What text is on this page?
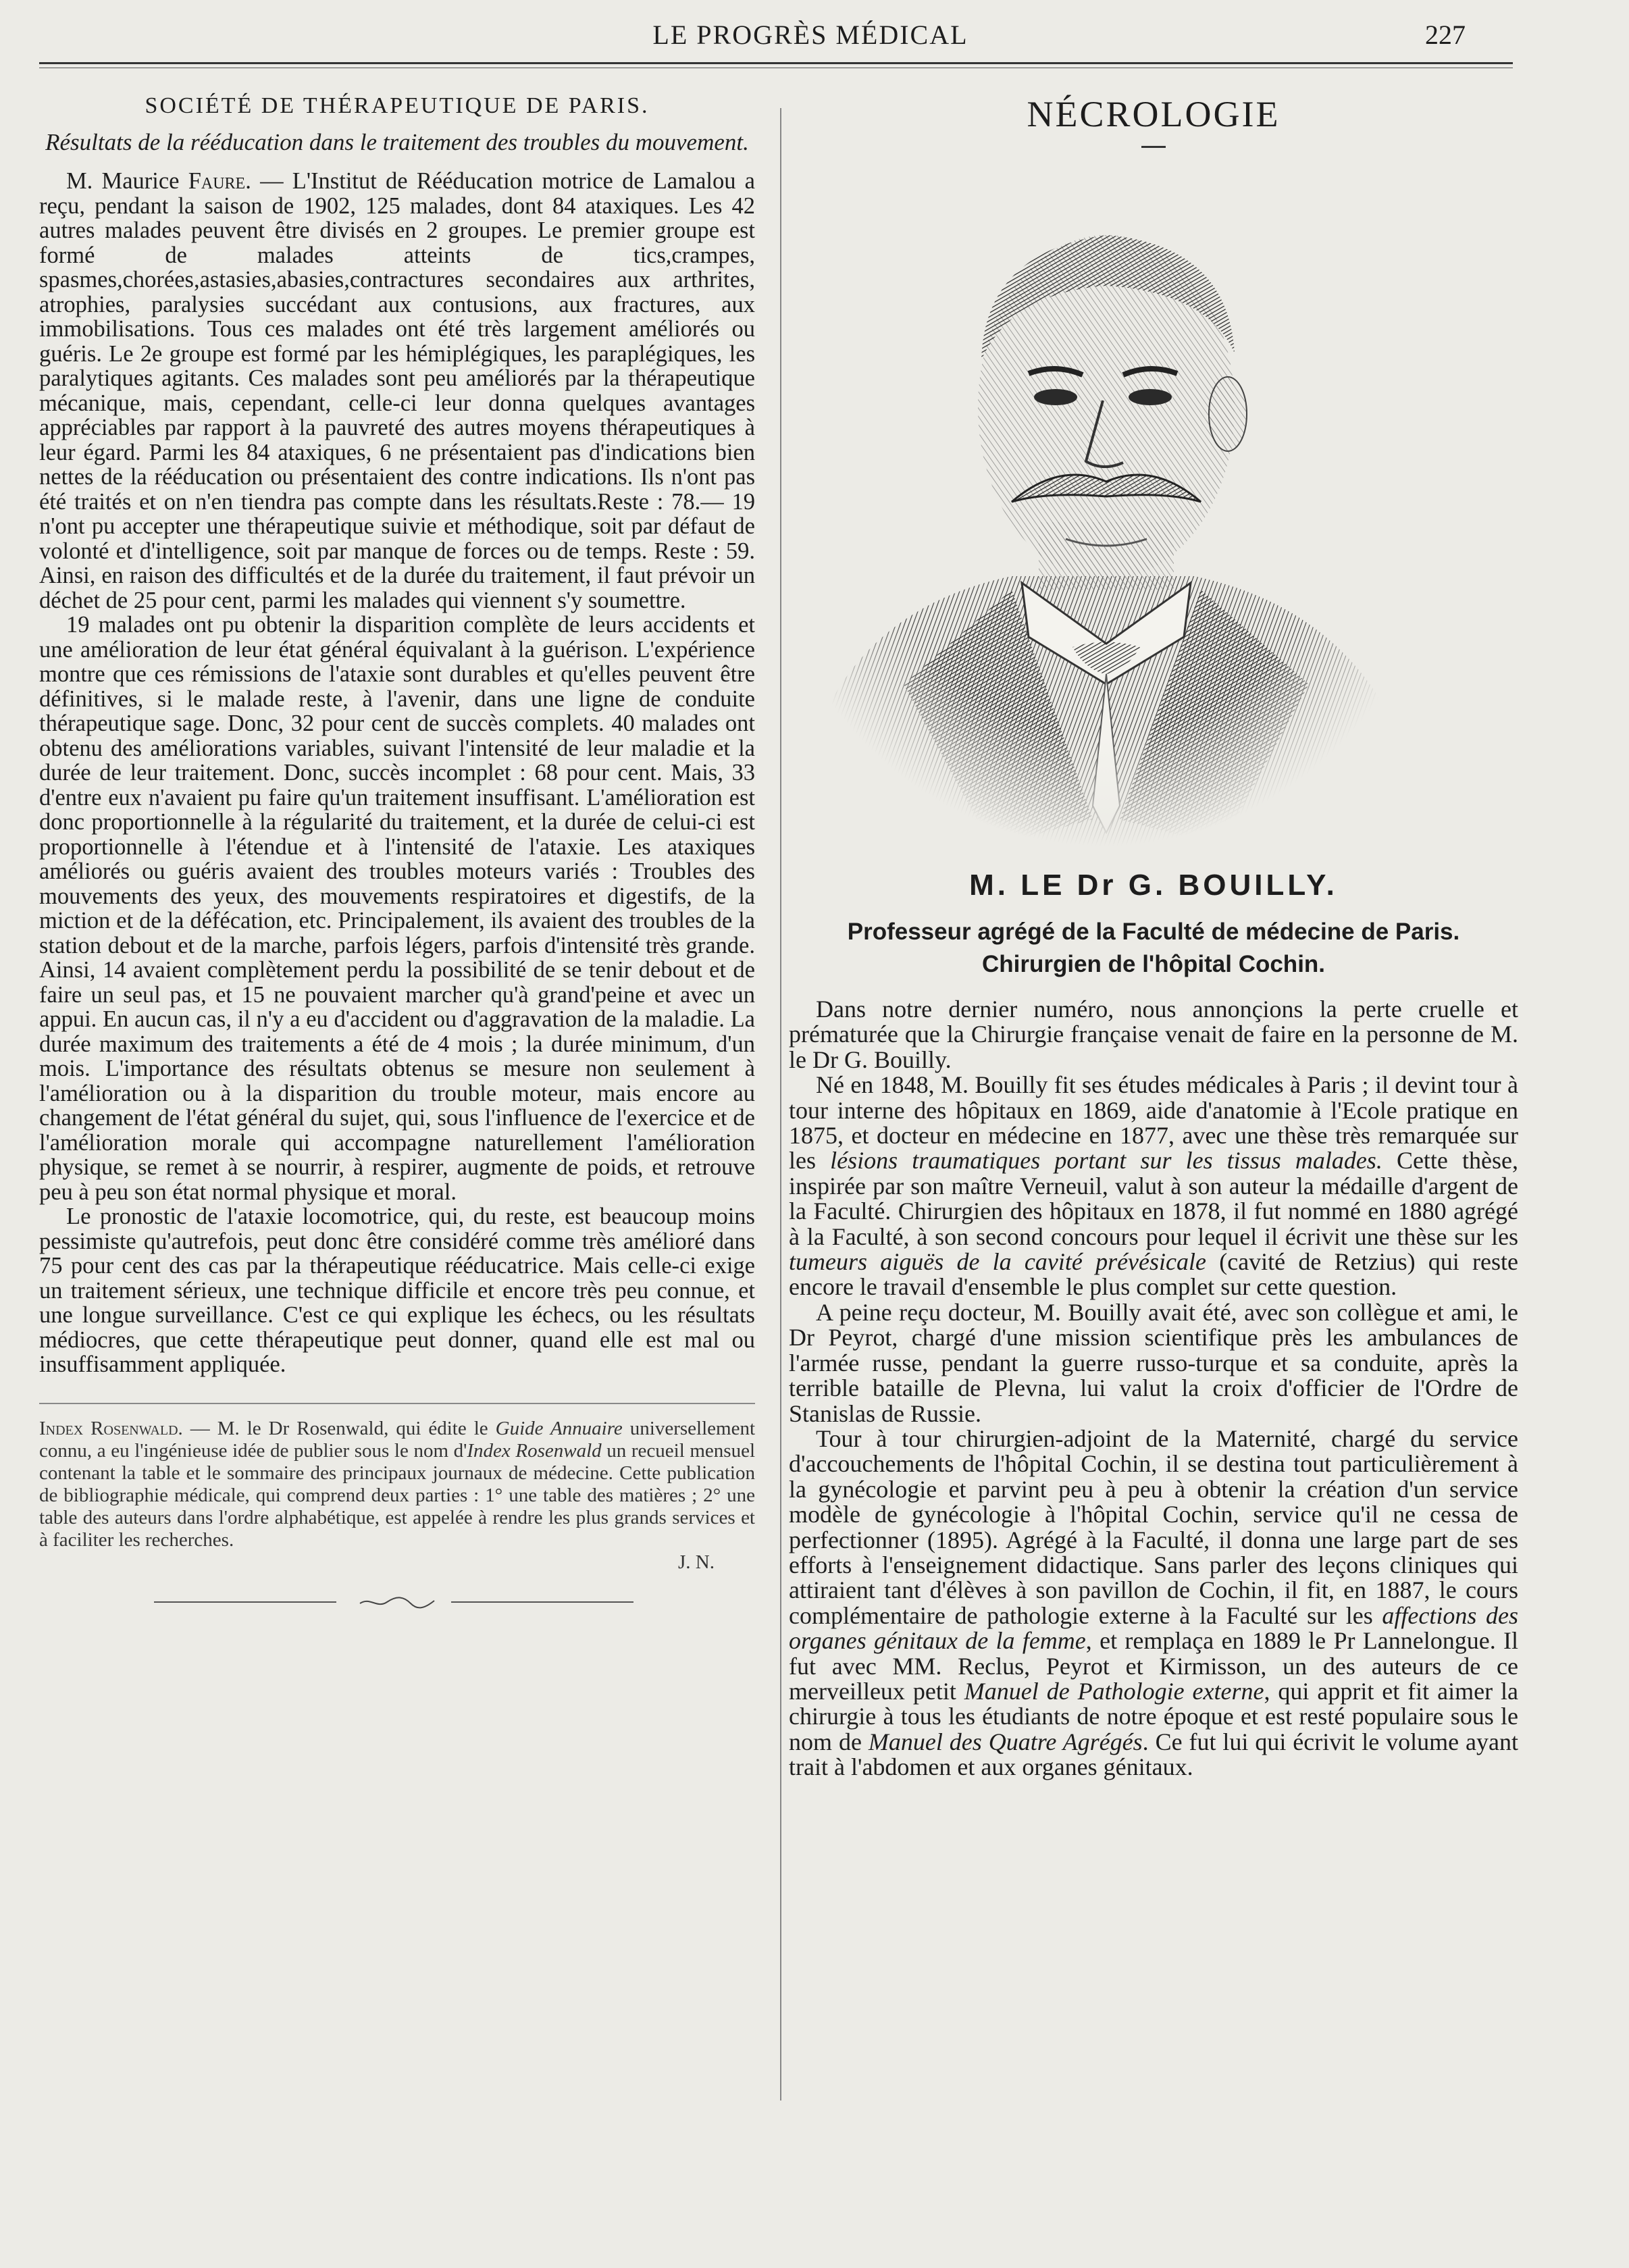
LE PROGRÈS MÉDICAL	227
SOCIÉTÉ DE THÉRAPEUTIQUE DE PARIS.
Résultats de la rééducation dans le traitement des troubles du mouvement.

M. Maurice Faure. — L'Institut de Rééducation motrice de Lamalou a reçu, pendant la saison de 1902, 125 malades, dont 84 ataxiques. Les 42 autres malades peuvent être divisés en 2 groupes. Le premier groupe est formé de malades atteints de tics,crampes, spasmes,chorées,astasies,abasies,contractures secondaires aux arthrites, atrophies, paralysies succédant aux contusions, aux fractures, aux immobilisations. Tous ces malades ont été très largement améliorés ou guéris. Le 2e groupe est formé par les hémiplégiques, les paraplégiques, les paralytiques agitants. Ces malades sont peu améliorés par la thérapeutique mécanique, mais, cependant, celle-ci leur donna quelques avantages appréciables par rapport à la pauvreté des autres moyens thérapeutiques à leur égard. Parmi les 84 ataxiques, 6 ne présentaient pas d'indications bien nettes de la rééducation ou présentaient des contre indications. Ils n'ont pas été traités et on n'en tiendra pas compte dans les résultats.Reste : 78.— 19 n'ont pu accepter une thérapeutique suivie et méthodique, soit par défaut de volonté et d'intelligence, soit par manque de forces ou de temps. Reste : 59. Ainsi, en raison des difficultés et de la durée du traitement, il faut prévoir un déchet de 25 pour cent, parmi les malades qui viennent s'y soumettre.

19 malades ont pu obtenir la disparition complète de leurs accidents et une amélioration de leur état général équivalant à la guérison. L'expérience montre que ces rémissions de l'ataxie sont durables et qu'elles peuvent être définitives, si le malade reste, à l'avenir, dans une ligne de conduite thérapeutique sage. Donc, 32 pour cent de succès complets. 40 malades ont obtenu des améliorations variables, suivant l'intensité de leur maladie et la durée de leur traitement. Donc, succès incomplet : 68 pour cent. Mais, 33 d'entre eux n'avaient pu faire qu'un traitement insuffisant. L'amélioration est donc proportionnelle à la régularité du traitement, et la durée de celui-ci est proportionnelle à l'étendue et à l'intensité de l'ataxie. Les ataxiques améliorés ou guéris avaient des troubles moteurs variés : Troubles des mouvements des yeux, des mouvements respiratoires et digestifs, de la miction et de la défécation, etc. Principalement, ils avaient des troubles de la station debout et de la marche, parfois légers, parfois d'intensité très grande. Ainsi, 14 avaient complètement perdu la possibilité de se tenir debout et de faire un seul pas, et 15 ne pouvaient marcher qu'à grand'peine et avec un appui. En aucun cas, il n'y a eu d'accident ou d'aggravation de la maladie. La durée maximum des traitements a été de 4 mois ; la durée minimum, d'un mois. L'importance des résultats obtenus se mesure non seulement à l'amélioration ou à la disparition du trouble moteur, mais encore au changement de l'état général du sujet, qui, sous l'influence de l'exercice et de l'amélioration morale qui accompagne naturellement l'amélioration physique, se remet à se nourrir, à respirer, augmente de poids, et retrouve peu à peu son état normal physique et moral.

Le pronostic de l'ataxie locomotrice, qui, du reste, est beaucoup moins pessimiste qu'autrefois, peut donc être considéré comme très amélioré dans 75 pour cent des cas par la thérapeutique rééducatrice. Mais celle-ci exige un traitement sérieux, une technique difficile et encore très peu connue, et une longue surveillance. C'est ce qui explique les échecs, ou les résultats médiocres, que cette thérapeutique peut donner, quand elle est mal ou insuffisamment appliquée.

Index Rosenwald. — M. le Dr Rosenwald, qui édite le Guide Annuaire universellement connu, a eu l'ingénieuse idée de publier sous le nom d'Index Rosenwald un recueil mensuel contenant la table et le sommaire des principaux journaux de médecine. Cette publication de bibliographie médicale, qui comprend deux parties : 1° une table des matières ; 2° une table des auteurs dans l'ordre alphabétique, est appelée à rendre les plus grands services et à faciliter les recherches.
J. N.
NÉCROLOGIE
M. LE Dr G. BOUILLY.
Professeur agrégé de la Faculté de médecine de Paris.
Chirurgien de l'hôpital Cochin.

Dans notre dernier numéro, nous annonçions la perte cruelle et prématurée que la Chirurgie française venait de faire en la personne de M. le Dr G. Bouilly.

Né en 1848, M. Bouilly fit ses études médicales à Paris ; il devint tour à tour interne des hôpitaux en 1869, aide d'anatomie à l'Ecole pratique en 1875, et docteur en médecine en 1877, avec une thèse très remarquée sur les lésions traumatiques portant sur les tissus malades. Cette thèse, inspirée par son maître Verneuil, valut à son auteur la médaille d'argent de la Faculté. Chirurgien des hôpitaux en 1878, il fut nommé en 1880 agrégé à la Faculté, à son second concours pour lequel il écrivit une thèse sur les tumeurs aiguës de la cavité prévésicale (cavité de Retzius) qui reste encore le travail d'ensemble le plus complet sur cette question.

A peine reçu docteur, M. Bouilly avait été, avec son collègue et ami, le Dr Peyrot, chargé d'une mission scientifique près les ambulances de l'armée russe, pendant la guerre russo-turque et sa conduite, après la terrible bataille de Plevna, lui valut la croix d'officier de l'Ordre de Stanislas de Russie.

Tour à tour chirurgien-adjoint de la Maternité, chargé du service d'accouchements de l'hôpital Cochin, il se destina tout particulièrement à la gynécologie et parvint peu à peu à obtenir la création d'un service modèle de gynécologie à l'hôpital Cochin, service qu'il ne cessa de perfectionner (1895). Agrégé à la Faculté, il donna une large part de ses efforts à l'enseignement didactique. Sans parler des leçons cliniques qui attiraient tant d'élèves à son pavillon de Cochin, il fit, en 1887, le cours complémentaire de pathologie externe à la Faculté sur les affections des organes génitaux de la femme, et remplaça en 1889 le Pr Lannelongue. Il fut avec MM. Reclus, Peyrot et Kirmisson, un des auteurs de ce merveilleux petit Manuel de Pathologie externe, qui apprit et fit aimer la chirurgie à tous les étudiants de notre époque et est resté populaire sous le nom de Manuel des Quatre Agrégés. Ce fut lui qui écrivit le volume ayant trait à l'abdomen et aux organes génitaux.
